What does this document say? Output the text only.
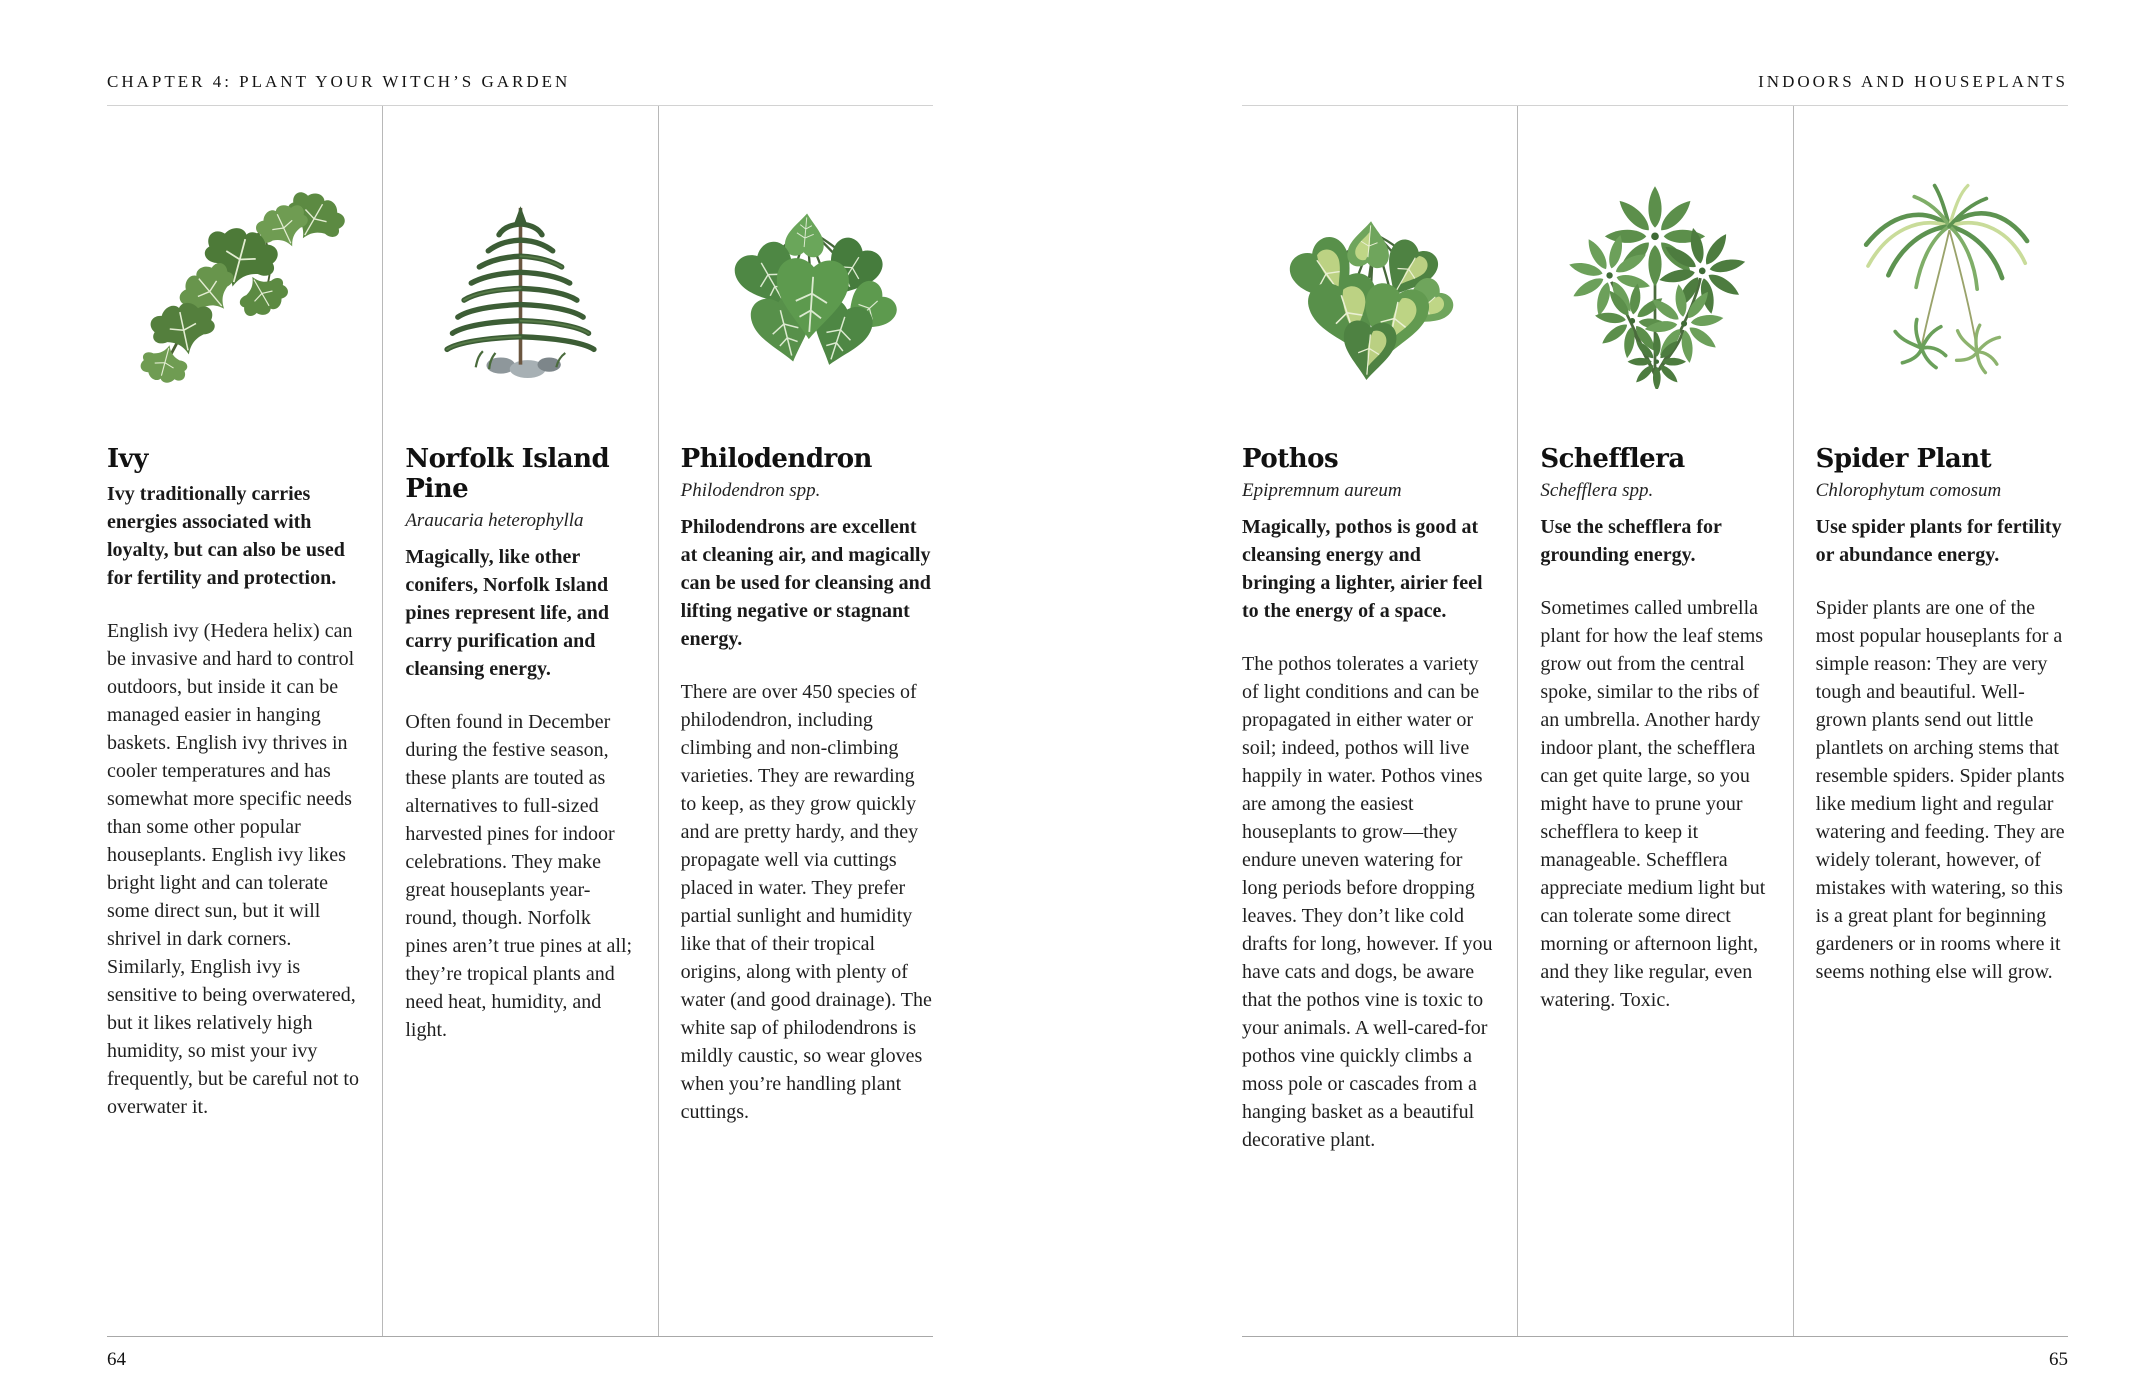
CHAPTER 4: PLANT YOUR WITCH’S GARDEN
Ivy

Ivy traditionally carries energies associated with loyalty, but can also be used for fertility and protection.

English ivy (Hedera helix) can be invasive and hard to control outdoors, but inside it can be managed easier in hanging baskets. English ivy thrives in cooler temperatures and has somewhat more specific needs than some other popular houseplants. English ivy likes bright light and can tolerate some direct sun, but it will shrivel in dark corners. Similarly, English ivy is sensitive to being overwatered, but it likes relatively high humidity, so mist your ivy frequently, but be careful not to overwater it.

Norfolk Island Pine
Araucaria heterophylla

Magically, like other conifers, Norfolk Island pines represent life, and carry purification and cleansing energy.

Often found in December during the festive season, these plants are touted as alternatives to full-sized harvested pines for indoor celebrations. They make great houseplants year-round, though. Norfolk pines aren’t true pines at all; they’re tropical plants and need heat, humidity, and light.

Philodendron
Philodendron spp.

Philodendrons are excellent at cleaning air, and magically can be used for cleansing and lifting negative or stagnant energy.

There are over 450 species of philodendron, including climbing and non-climbing varieties. They are rewarding to keep, as they grow quickly and are pretty hardy, and they propagate well via cuttings placed in water. They prefer partial sunlight and humidity like that of their tropical origins, along with plenty of water (and good drainage). The white sap of philodendrons is mildly caustic, so wear gloves when you’re handling plant cuttings.

64
INDOORS AND HOUSEPLANTS
Pothos
Epipremnum aureum

Magically, pothos is good at cleansing energy and bringing a lighter, airier feel to the energy of a space.

The pothos tolerates a variety of light conditions and can be propagated in either water or soil; indeed, pothos will live happily in water. Pothos vines are among the easiest houseplants to grow—they endure uneven watering for long periods before dropping leaves. They don’t like cold drafts for long, however. If you have cats and dogs, be aware that the pothos vine is toxic to your animals. A well-cared-for pothos vine quickly climbs a moss pole or cascades from a hanging basket as a beautiful decorative plant.

Schefflera
Schefflera spp.

Use the schefflera for grounding energy.

Sometimes called umbrella plant for how the leaf stems grow out from the central spoke, similar to the ribs of an umbrella. Another hardy indoor plant, the schefflera can get quite large, so you might have to prune your schefflera to keep it manageable. Schefflera appreciate medium light but can tolerate some direct morning or afternoon light, and they like regular, even watering. Toxic.

Spider Plant
Chlorophytum comosum

Use spider plants for fertility or abundance energy.

Spider plants are one of the most popular houseplants for a simple reason: They are very tough and beautiful. Well-grown plants send out little plantlets on arching stems that resemble spiders. Spider plants like medium light and regular watering and feeding. They are widely tolerant, however, of mistakes with watering, so this is a great plant for beginning gardeners or in rooms where it seems nothing else will grow.

65
